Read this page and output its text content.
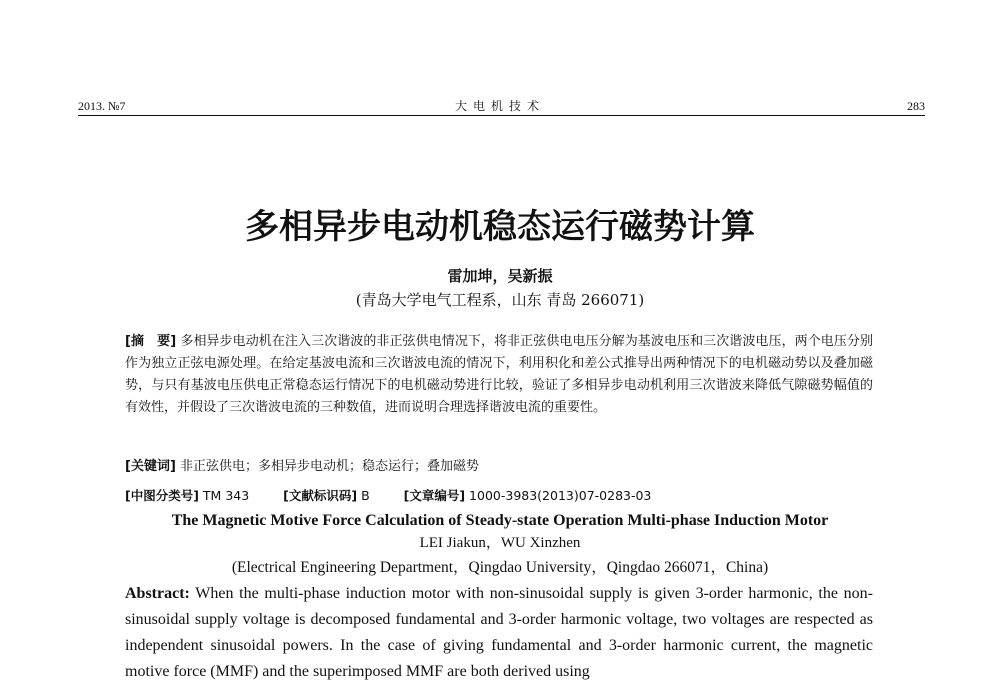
2013. №7	大电机技术	283
多相异步电动机稳态运行磁势计算
雷加坤，吴新振
(青岛大学电气工程系，山东 青岛 266071)

[摘　要] 多相异步电动机在注入三次谐波的非正弦供电情况下，将非正弦供电电压分解为基波电压和三次谐波电压，两个电压分别作为独立正弦电源处理。在给定基波电流和三次谐波电流的情况下，利用积化和差公式推导出两种情况下的电机磁动势以及叠加磁势，与只有基波电压供电正常稳态运行情况下的电机磁动势进行比较，验证了多相异步电动机利用三次谐波来降低气隙磁势幅值的有效性，并假设了三次谐波电流的三种数值，进而说明合理选择谐波电流的重要性。

[关键词] 非正弦供电；多相异步电动机；稳态运行；叠加磁势
[中图分类号] TM 343	[文献标识码] B	[文章编号] 1000-3983(2013)07-0283-03
The Magnetic Motive Force Calculation of Steady-state Operation Multi-phase Induction Motor
LEI Jiakun，WU Xinzhen
(Electrical Engineering Department，Qingdao University，Qingdao 266071，China)

Abstract: When the multi-phase induction motor with non-sinusoidal supply is given 3-order harmonic, the non-sinusoidal supply voltage is decomposed fundamental and 3-order harmonic voltage, two voltages are respected as independent sinusoidal powers. In the case of giving fundamental and 3-order harmonic current, the magnetic motive force (MMF) and the superimposed MMF are both derived using
